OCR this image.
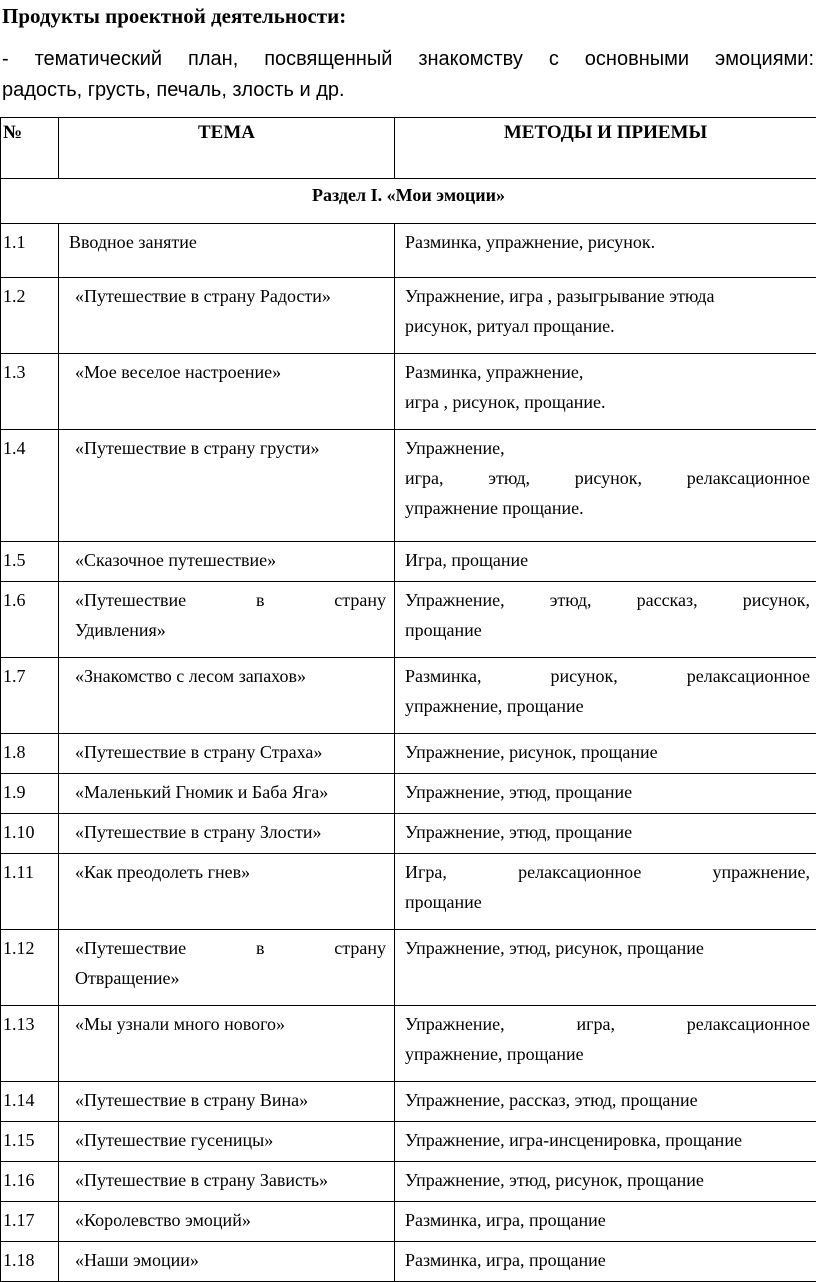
Продукты проектной деятельности:
- тематический план, посвященный знакомству с основными эмоциями:
радость, грусть, печаль, злость и др.
№	ТЕМА	МЕТОДЫ И ПРИЕМЫ
Раздел I. «Мои эмоции»		
1.1	Вводное занятие	Разминка, упражнение, рисунок.

1.2	«Путешествие в страну Радости»	Упражнение, игра , разыгрывание этюда
рисунок, ритуал прощание.

1.3	«Мое веселое настроение»	Разминка, упражнение,
игра , рисунок, прощание.

1.4	«Путешествие в страну грусти»	Упражнение,
игра, этюд, рисунок, релаксационное
упражнение прощание.

1.5	«Сказочное путешествие»	Игра, прощание

1.6	«Путешествие в страну
Удивления»	Упражнение, этюд, рассказ, рисунок,
прощание

1.7	«Знакомство с лесом запахов»	Разминка, рисунок, релаксационное
упражнение, прощание

1.8	«Путешествие в страну Страха»	Упражнение, рисунок, прощание

1.9	«Маленький Гномик и Баба Яга»	Упражнение, этюд, прощание

1.10	«Путешествие в страну Злости»	Упражнение, этюд, прощание

1.11	«Как преодолеть гнев»	Игра, релаксационное упражнение,
прощание

1.12	«Путешествие в страну
Отвращение»	Упражнение, этюд, рисунок, прощание

1.13	«Мы узнали много нового»	Упражнение, игра, релаксационное
упражнение, прощание

1.14	«Путешествие в страну Вина»	Упражнение, рассказ, этюд, прощание

1.15	«Путешествие гусеницы»	Упражнение, игра-инсценировка, прощание

1.16	«Путешествие в страну Зависть»	Упражнение, этюд, рисунок, прощание

1.17	«Королевство эмоций»	Разминка, игра, прощание

1.18	«Наши эмоции»	Разминка, игра, прощание
